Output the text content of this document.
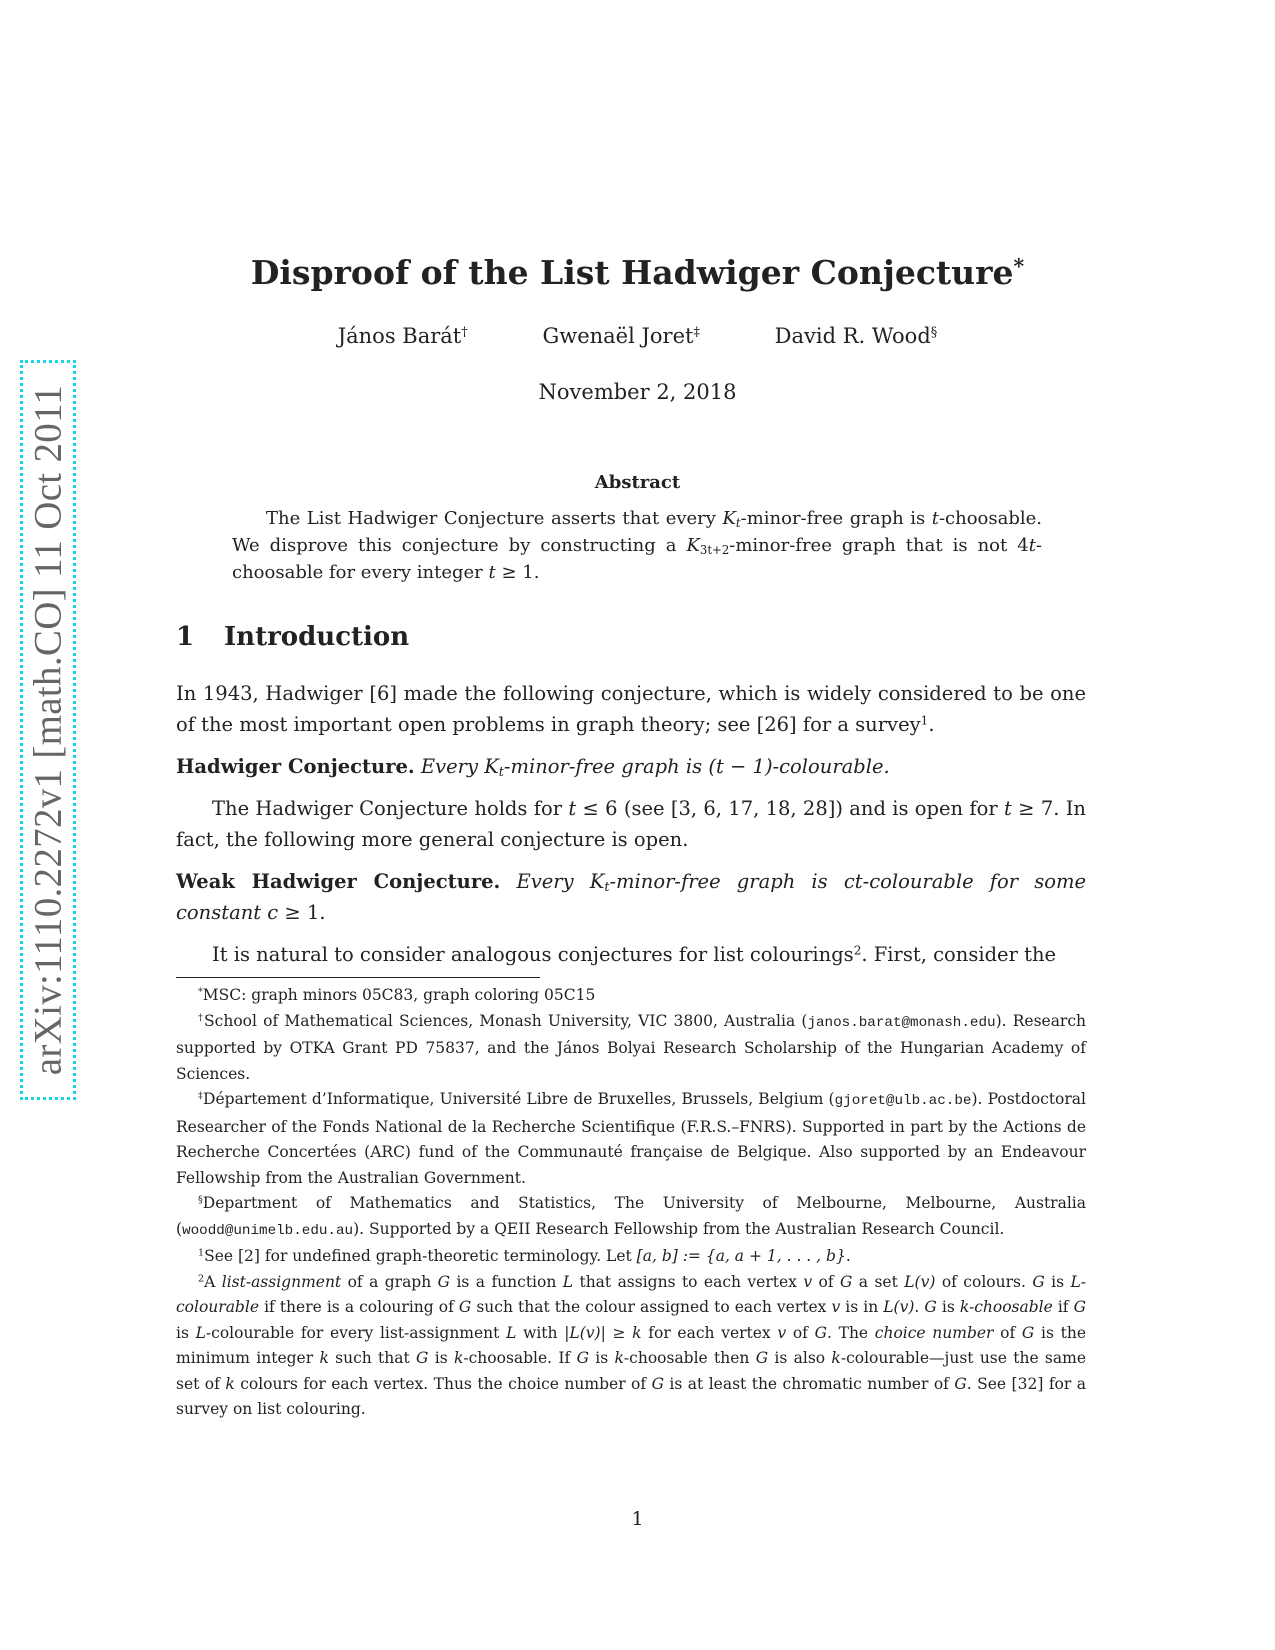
arXiv:1110.2272v1 [math.CO] 11 Oct 2011
Disproof of the List Hadwiger Conjecture*
János Barát†	Gwenaël Joret‡	David R. Wood§
November 2, 2018
Abstract
The List Hadwiger Conjecture asserts that every $K_t-minor$-free graph is t-choosable. We disprove this conjecture by constructing a $K_{3t+2}-minor$-free graph that is not 4t-choosable for every integer t ≥ 1.
1 Introduction
In 1943, Hadwiger [6] made the following conjecture, which is widely considered to be one of the most important open problems in graph theory; see [26] for a survey$^1$.
Hadwiger Conjecture. Every $K_t-minor$-free graph is (t − 1)-colourable.
The Hadwiger Conjecture holds for t ≤ 6 (see [3, 6, 17, 18, 28]) and is open for t ≥ 7. In fact, the following more general conjecture is open.
Weak Hadwiger Conjecture. Every $K_t-minor$-free graph is ct-colourable for some constant c ≥ 1.
It is natural to consider analogous conjectures for list colourings$^2$. First, consider the

*MSC: graph minors 05C83, graph coloring 05C15

†School of Mathematical Sciences, Monash University, VIC 3800, Australia (janos.barat@monash.edu). Research supported by OTKA Grant PD 75837, and the János Bolyai Research Scholarship of the Hungarian Academy of Sciences.

‡Département d’Informatique, Université Libre de Bruxelles, Brussels, Belgium (gjoret@ulb.ac.be). Postdoctoral Researcher of the Fonds National de la Recherche Scientifique (F.R.S.–FNRS). Supported in part by the Actions de Recherche Concertées (ARC) fund of the Communauté française de Belgique. Also supported by an Endeavour Fellowship from the Australian Government.

§Department of Mathematics and Statistics, The University of Melbourne, Melbourne, Australia (woodd@unimelb.edu.au). Supported by a QEII Research Fellowship from the Australian Research Council.

$^1$See [2] for undefined graph-theoretic terminology. Let [a, b] := {a, a + 1, . . . , b}.

$^2$A list-assignment of a graph G is a function L that assigns to each vertex v of G a set L(v) of colours. G is L-colourable if there is a colouring of G such that the colour assigned to each vertex v is in L(v). G is k-choosable if G is L-colourable for every list-assignment L with |L(v)| ≥ k for each vertex v of G. The choice number of G is the minimum integer k such that G is k-choosable. If G is k-choosable then G is also k-colourable—just use the same set of k colours for each vertex. Thus the choice number of G is at least the chromatic number of G. See [32] for a survey on list colouring.

1
